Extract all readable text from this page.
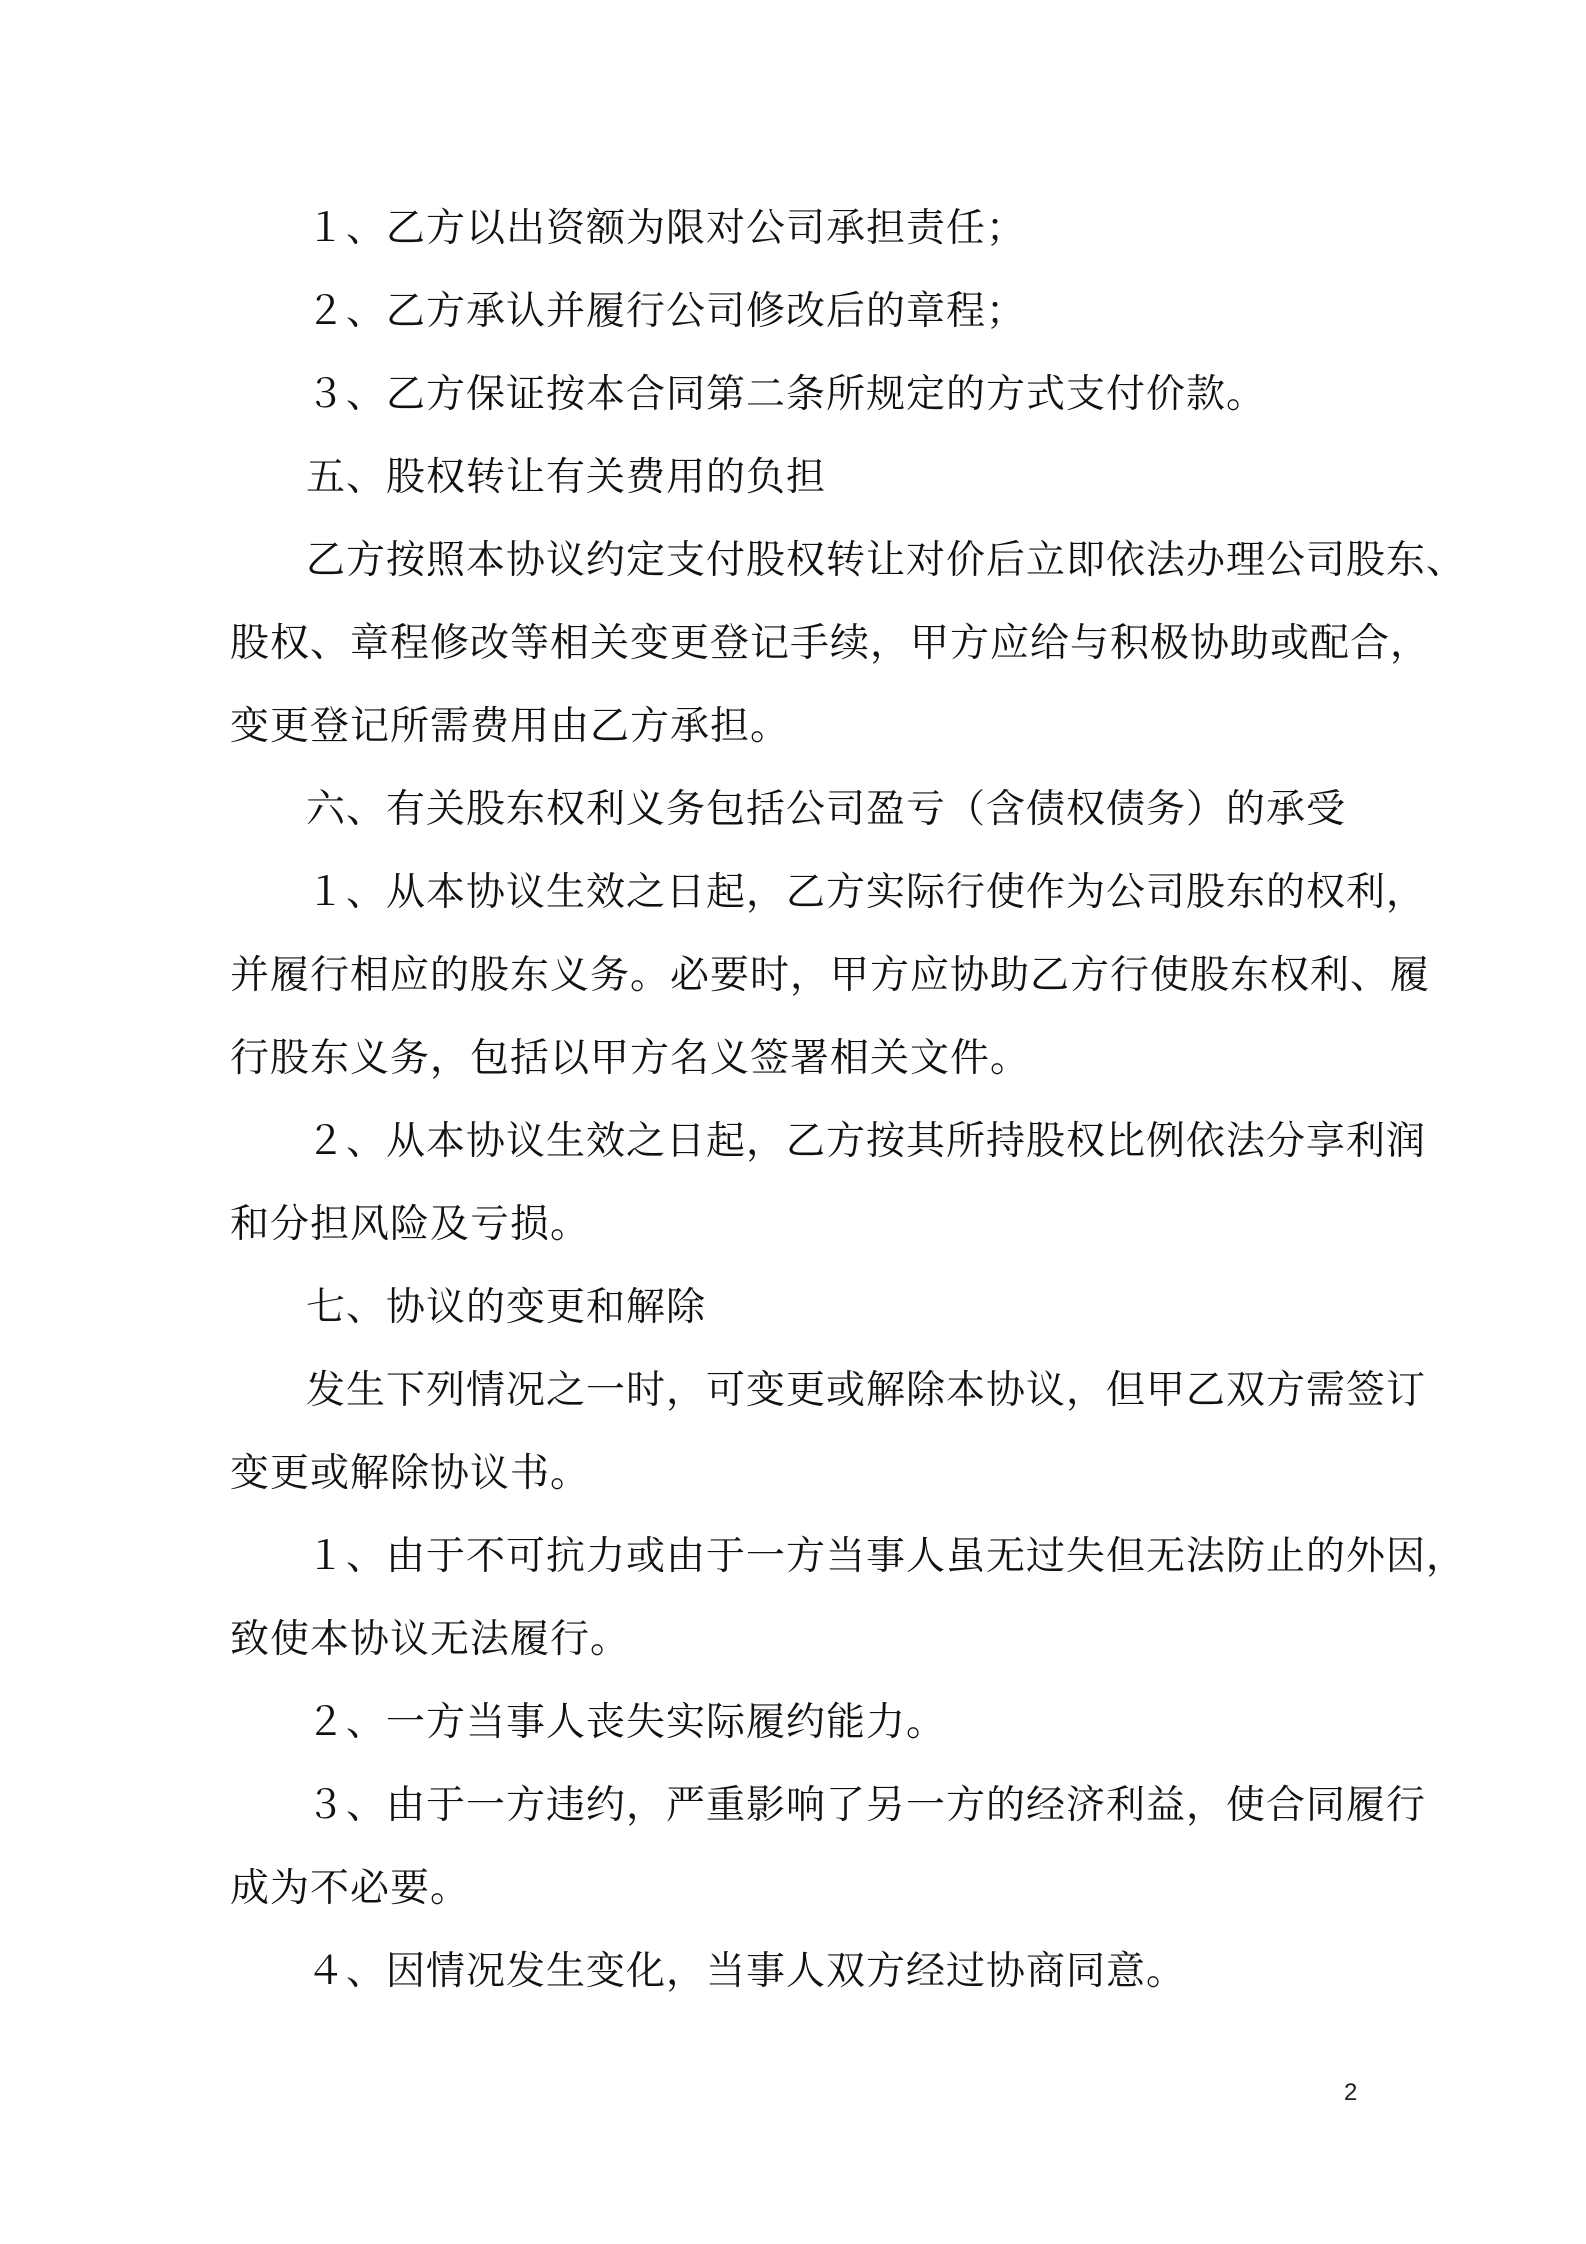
１、乙方以出资额为限对公司承担责任；
２、乙方承认并履行公司修改后的章程；
３、乙方保证按本合同第二条所规定的方式支付价款。
五、股权转让有关费用的负担
乙方按照本协议约定支付股权转让对价后立即依法办理公司股东、
股权、章程修改等相关变更登记手续，甲方应给与积极协助或配合，
变更登记所需费用由乙方承担。
六、有关股东权利义务包括公司盈亏（含债权债务）的承受
１、从本协议生效之日起，乙方实际行使作为公司股东的权利，
并履行相应的股东义务。必要时，甲方应协助乙方行使股东权利、履
行股东义务，包括以甲方名义签署相关文件。
２、从本协议生效之日起，乙方按其所持股权比例依法分享利润
和分担风险及亏损。
七、协议的变更和解除
发生下列情况之一时，可变更或解除本协议，但甲乙双方需签订
变更或解除协议书。
１、由于不可抗力或由于一方当事人虽无过失但无法防止的外因，
致使本协议无法履行。
２、一方当事人丧失实际履约能力。
３、由于一方违约，严重影响了另一方的经济利益，使合同履行
成为不必要。
４、因情况发生变化，当事人双方经过协商同意。
2
